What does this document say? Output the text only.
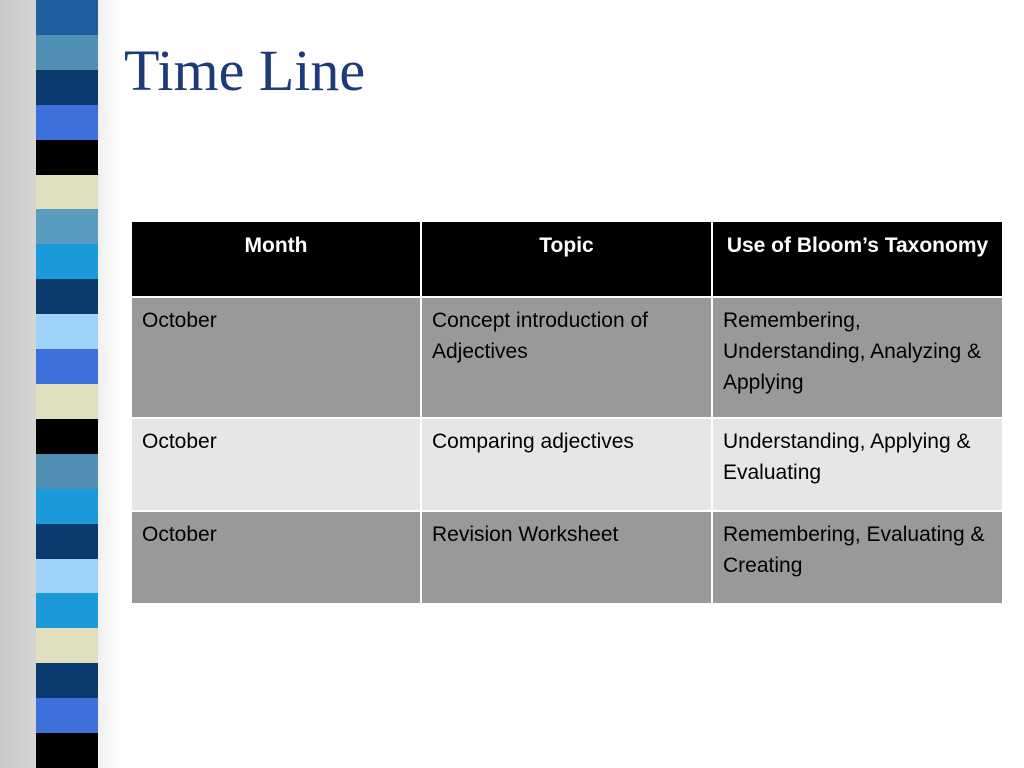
Time Line
Month	Topic	Use of Bloom’s Taxonomy

October	Concept introduction of Adjectives	Remembering, Understanding, Analyzing & Applying

October	Comparing adjectives	Understanding, Applying & Evaluating

October	Revision Worksheet	Remembering, Evaluating & Creating
